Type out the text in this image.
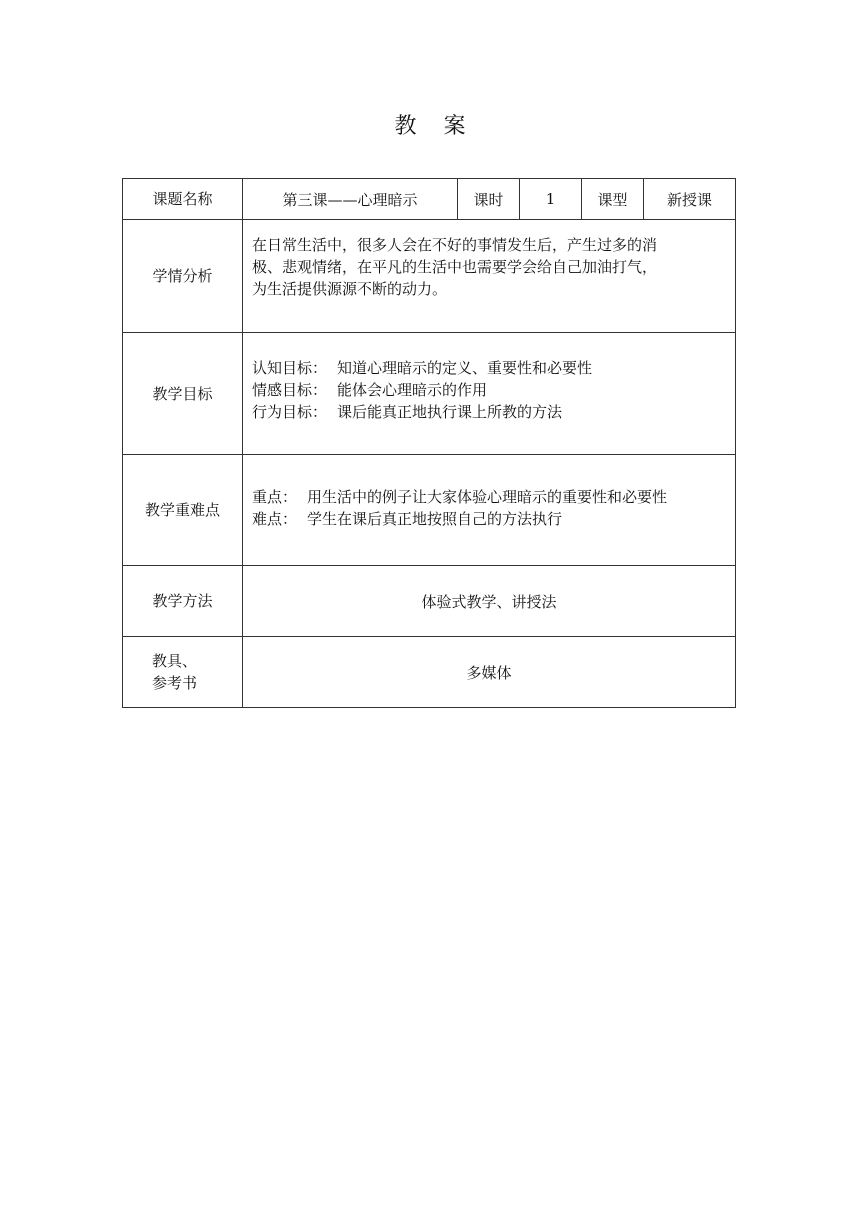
教 案
课题名称	第三课——心理暗示	课时	1	课型	新授课
学情分析	在日常生活中，很多人会在不好的事情发生后，产生过多的消
极、悲观情绪，在平凡的生活中也需要学会给自己加油打气，
为生活提供源源不断的动力。				

教学目标	认知目标： 知道心理暗示的定义、重要性和必要性
情感目标： 能体会心理暗示的作用
行为目标： 课后能真正地执行课上所教的方法				

教学重难点	重点： 用生活中的例子让大家体验心理暗示的重要性和必要性
难点： 学生在课后真正地按照自己的方法执行				

教学方法	体验式教学、讲授法				

教具、
参考书	多媒体				
